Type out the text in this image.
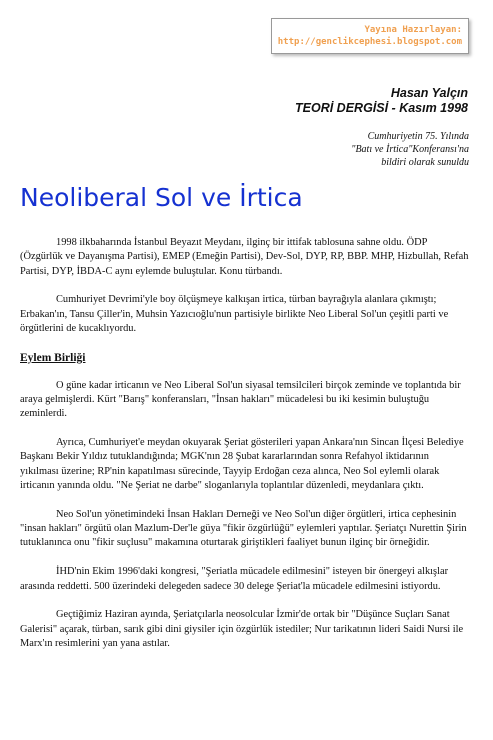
Yayına Hazırlayan:
http://genclikcephesi.blogspot.com
Hasan Yalçın
TEORİ DERGİSİ - Kasım 1998
Cumhuriyetin 75. Yılında
"Batı ve İrtica"Konferansı'na
bildiri olarak sunuldu
Neoliberal Sol ve İrtica

1998 ilkbaharında İstanbul Beyazıt Meydanı, ilginç bir ittifak tablosuna sahne oldu. ÖDP (Özgürlük ve Dayanışma Partisi), EMEP (Emeğin Partisi), Dev-Sol, DYP, RP, BBP. MHP, Hizbullah, Refah Partisi, DYP, İBDA-C aynı eylemde buluştular. Konu türbandı.

Cumhuriyet Devrimi'yle boy ölçüşmeye kalkışan irtica, türban bayrağıyla alanlara çıkmıştı; Erbakan'ın, Tansu Çiller'in, Muhsin Yazıcıoğlu'nun partisiyle birlikte Neo Liberal Sol'un çeşitli parti ve örgütlerini de kucaklıyordu.

Eylem Birliği

O güne kadar irticanın ve Neo Liberal Sol'un siyasal temsilcileri birçok zeminde ve toplantıda bir araya gelmişlerdi. Kürt "Barış" konferansları, "İnsan hakları" mücadelesi bu iki kesimin buluştuğu zeminlerdi.

Ayrıca, Cumhuriyet'e meydan okuyarak Şeriat gösterileri yapan Ankara'nın Sincan İlçesi Belediye Başkanı Bekir Yıldız tutuklandığında; MGK'nın 28 Şubat kararlarından sonra Refahyol iktidarının yıkılması üzerine; RP'nin kapatılması sürecinde, Tayyip Erdoğan ceza alınca, Neo Sol eylemli olarak irticanın yanında oldu. "Ne Şeriat ne darbe" sloganlarıyla toplantılar düzenledi, meydanlara çıktı.

Neo Sol'un yönetimindeki İnsan Hakları Derneği ve Neo Sol'un diğer örgütleri, irtica cephesinin "insan hakları" örgütü olan Mazlum-Der'le güya "fikir özgürlüğü" eylemleri yaptılar. Şeriatçı Nurettin Şirin tutuklanınca onu "fikir suçlusu" makamına oturtarak giriştikleri faaliyet bunun ilginç bir örneğidir.

İHD'nin Ekim 1996'daki kongresi, "Şeriatla mücadele edilmesini" isteyen bir önergeyi alkışlar arasında reddetti. 500 üzerindeki delegeden sadece 30 delege Şeriat'la mücadele edilmesini istiyordu.

Geçtiğimiz Haziran ayında, Şeriatçılarla neosolcular İzmir'de ortak bir "Düşünce Suçları Sanat Galerisi" açarak, türban, sarık gibi dini giysiler için özgürlük istediler; Nur tarikatının lideri Saidi Nursi ile Marx'ın resimlerini yan yana astılar.
